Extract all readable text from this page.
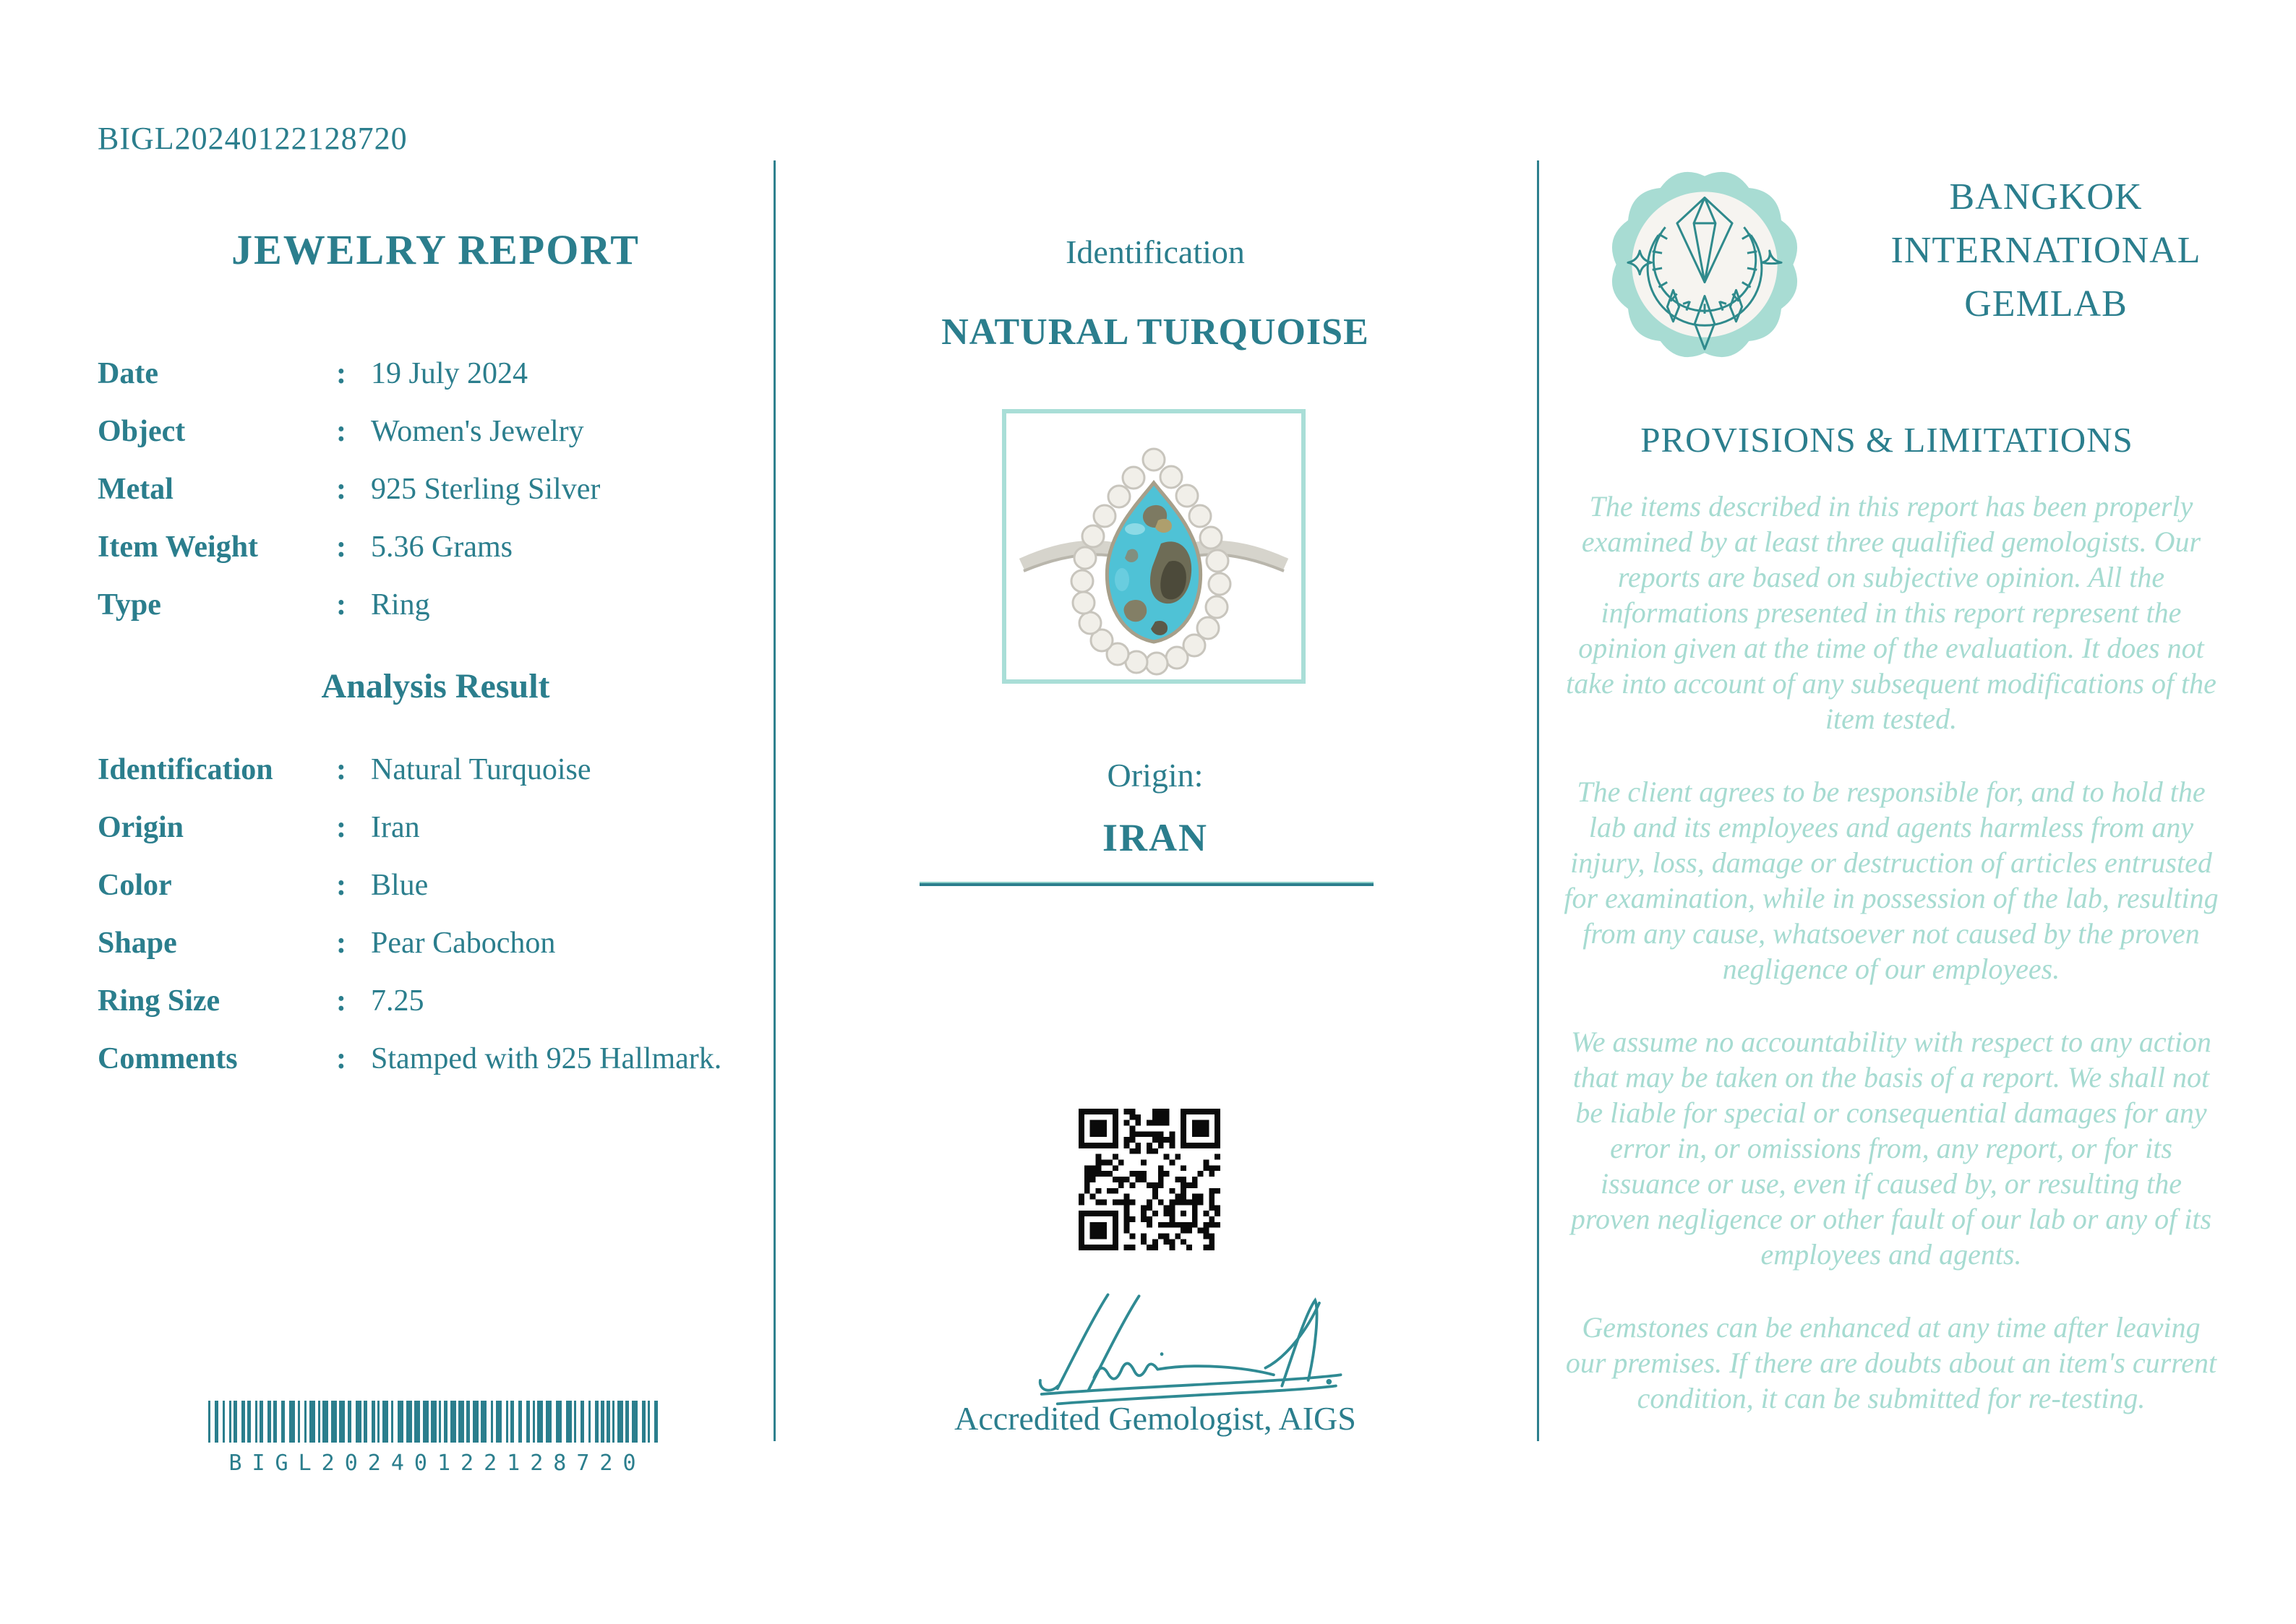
BIGL20240122128720
JEWELRY REPORT
Date	: 19 July 2024
Object	: Women's Jewelry
Metal	: 925 Sterling Silver
Item Weight	: 5.36 Grams
Type	: Ring
Analysis Result
Identification	: Natural Turquoise
Origin	: Iran
Color	: Blue
Shape	: Pear Cabochon
Ring Size	: 7.25
Comments	: Stamped with 925 Hallmark.
BIGL20240122128720
Identification
NATURAL TURQUOISE
Origin:
IRAN
Accredited Gemologist, AIGS
BANGKOK
INTERNATIONAL
GEMLAB
PROVISIONS & LIMITATIONS

The items described in this report has been properly examined by at least three qualified gemologists. Our reports are based on subjective opinion. All the informations presented in this report represent the opinion given at the time of the evaluation. It does not take into account of any subsequent modifications of the item tested.

The client agrees to be responsible for, and to hold the lab and its employees and agents harmless from any injury, loss, damage or destruction of articles entrusted for examination, while in possession of the lab, resulting from any cause, whatsoever not caused by the proven negligence of our employees.

We assume no accountability with respect to any action that may be taken on the basis of a report. We shall not be liable for special or consequential damages for any error in, or omissions from, any report, or for its issuance or use, even if caused by, or resulting the proven negligence or other fault of our lab or any of its employees and agents.

Gemstones can be enhanced at any time after leaving our premises. If there are doubts about an item's current condition, it can be submitted for re-testing.
